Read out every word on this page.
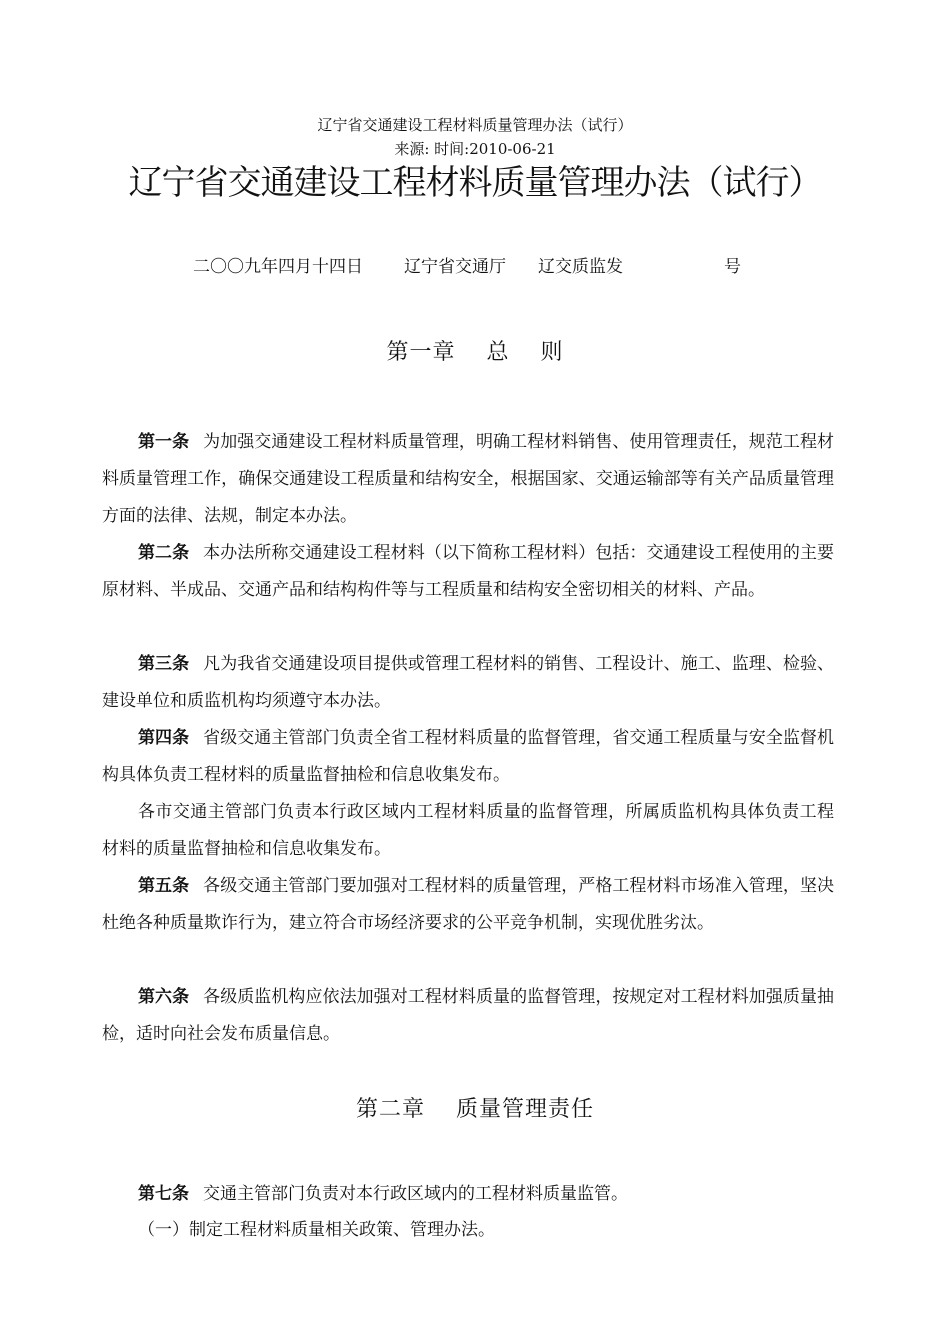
辽宁省交通建设工程材料质量管理办法（试行）
来源: 时间:2010-06-21
辽宁省交通建设工程材料质量管理办法（试行）
二〇〇九年四月十四日 辽宁省交通厅 辽交质监发	号
第一章　 总　 则
第一条 为加强交通建设工程材料质量管理，明确工程材料销售、使用管理责任，规范工程材料质量管理工作，确保交通建设工程质量和结构安全，根据国家、交通运输部等有关产品质量管理方面的法律、法规，制定本办法。
第二条 本办法所称交通建设工程材料（以下简称工程材料）包括：交通建设工程使用的主要原材料、半成品、交通产品和结构构件等与工程质量和结构安全密切相关的材料、产品。
第三条 凡为我省交通建设项目提供或管理工程材料的销售、工程设计、施工、监理、检验、建设单位和质监机构均须遵守本办法。
第四条 省级交通主管部门负责全省工程材料质量的监督管理，省交通工程质量与安全监督机构具体负责工程材料的质量监督抽检和信息收集发布。
各市交通主管部门负责本行政区域内工程材料质量的监督管理，所属质监机构具体负责工程材料的质量监督抽检和信息收集发布。
第五条 各级交通主管部门要加强对工程材料的质量管理，严格工程材料市场准入管理，坚决杜绝各种质量欺诈行为，建立符合市场经济要求的公平竞争机制，实现优胜劣汰。
第六条 各级质监机构应依法加强对工程材料质量的监督管理，按规定对工程材料加强质量抽检，适时向社会发布质量信息。
第二章　 质量管理责任
第七条 交通主管部门负责对本行政区域内的工程材料质量监管。
（一）制定工程材料质量相关政策、管理办法。
